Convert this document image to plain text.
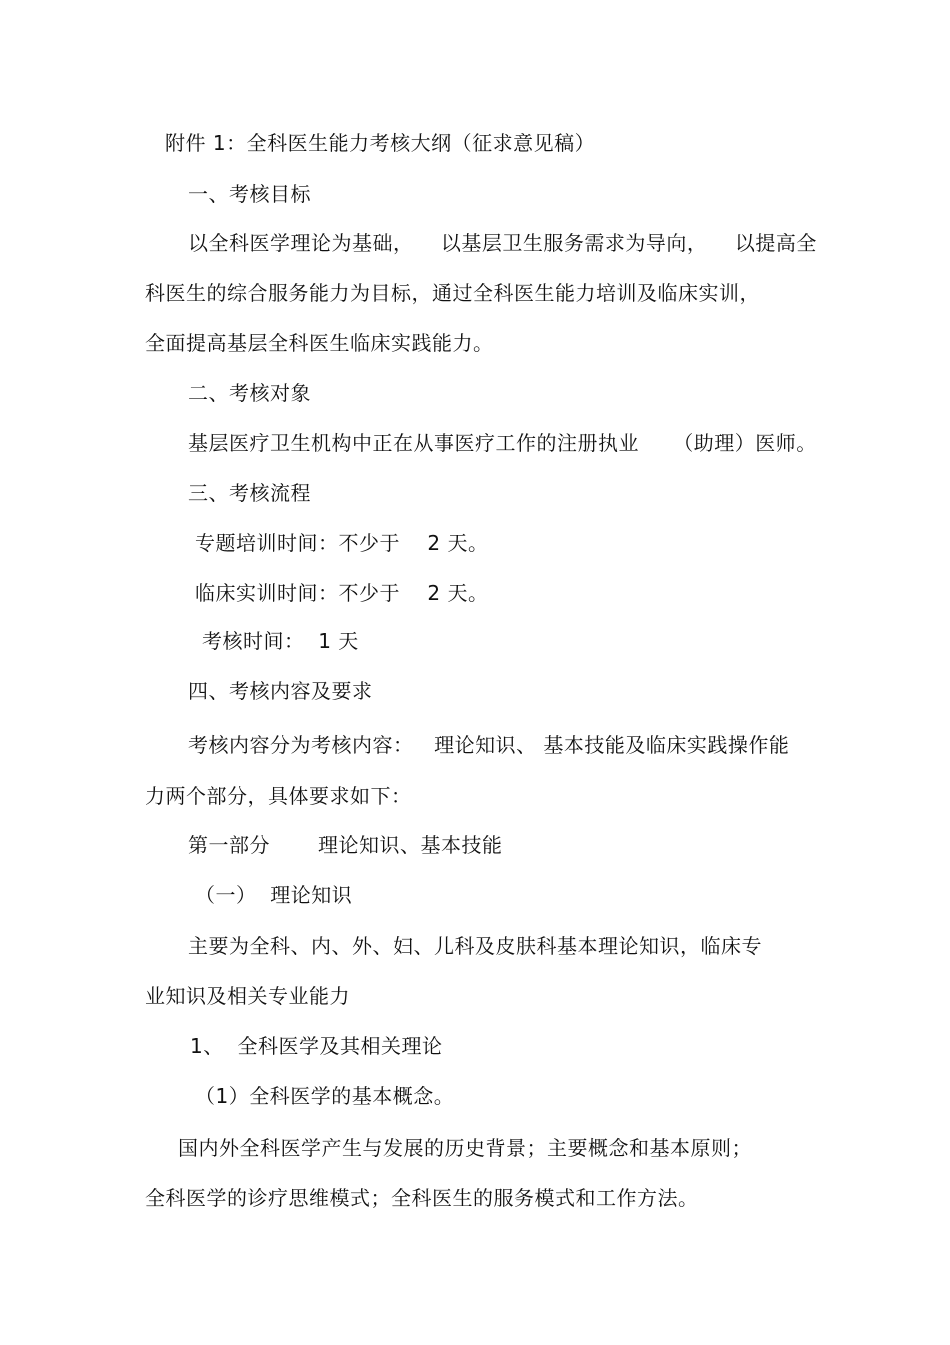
附件 1：全科医生能力考核大纲（征求意见稿）
一、考核目标
以全科医学理论为基础，    以基层卫生服务需求为导向，    以提高全
科医生的综合服务能力为目标，通过全科医生能力培训及临床实训，
全面提高基层全科医生临床实践能力。
二、考核对象
基层医疗卫生机构中正在从事医疗工作的注册执业     （助理）医师。
三、考核流程
专题培训时间：不少于    2 天。
临床实训时间：不少于    2 天。
考核时间：  1 天
四、考核内容及要求
考核内容分为考核内容：   理论知识、 基本技能及临床实践操作能
力两个部分，具体要求如下：
第一部分       理论知识、基本技能
（一）  理论知识
主要为全科、内、外、妇、儿科及皮肤科基本理论知识，临床专
业知识及相关专业能力
1、  全科医学及其相关理论
（1）全科医学的基本概念。
国内外全科医学产生与发展的历史背景；主要概念和基本原则；
全科医学的诊疗思维模式；全科医生的服务模式和工作方法。
